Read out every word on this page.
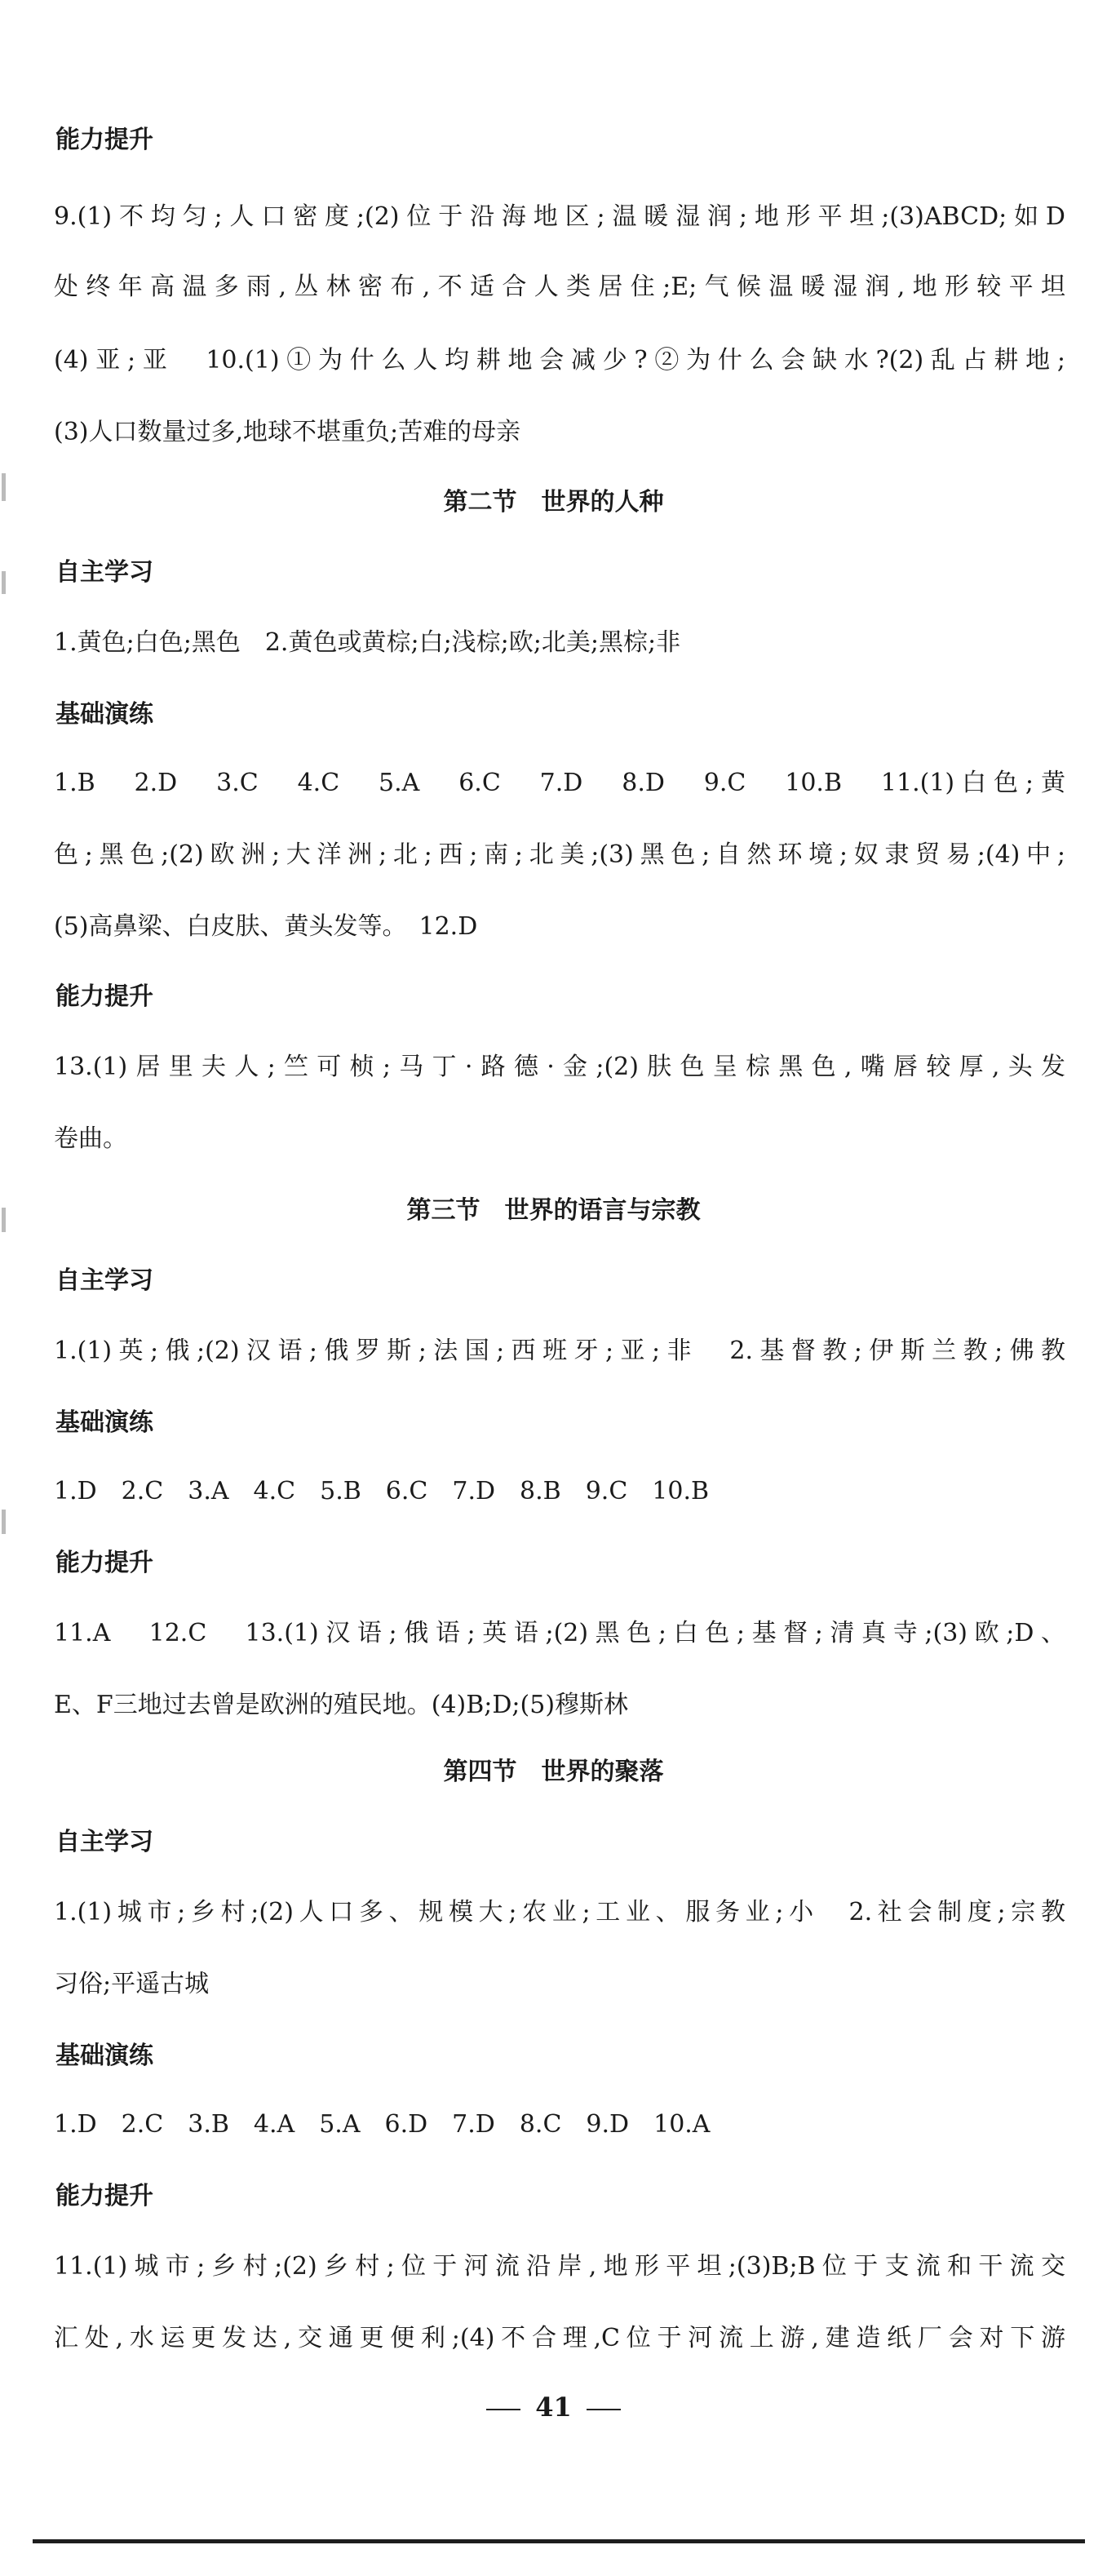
能力提升
9.(1)不均匀;人口密度;(2)位于沿海地区;温暖湿润;地形平坦;(3)ABCD;如D
处终年高温多雨,丛林密布,不适合人类居住;E;气候温暖湿润,地形较平坦
(4)亚;亚　10.(1)①为什么人均耕地会减少?②为什么会缺水?(2)乱占耕地;
(3)人口数量过多,地球不堪重负;苦难的母亲
第二节　世界的人种
自主学习
1.黄色;白色;黑色　2.黄色或黄棕;白;浅棕;欧;北美;黑棕;非
基础演练
1.B　2.D　3.C　4.C　5.A　6.C　7.D　8.D　9.C　10.B　11.(1)白色;黄
色;黑色;(2)欧洲;大洋洲;北;西;南;北美;(3)黑色;自然环境;奴隶贸易;(4)中;
(5)高鼻梁、白皮肤、黄头发等。　12.D
能力提升
13.(1)居里夫人;竺可桢;马丁·路德·金;(2)肤色呈棕黑色,嘴唇较厚,头发
卷曲。
第三节　世界的语言与宗教
自主学习
1.(1)英;俄;(2)汉语;俄罗斯;法国;西班牙;亚;非　2.基督教;伊斯兰教;佛教
基础演练
1.D　2.C　3.A　4.C　5.B　6.C　7.D　8.B　9.C　10.B
能力提升
11.A　12.C　13.(1)汉语;俄语;英语;(2)黑色;白色;基督;清真寺;(3)欧;D、
E、F三地过去曾是欧洲的殖民地。(4)B;D;(5)穆斯林
第四节　世界的聚落
自主学习
1.(1)城市;乡村;(2)人口多、规模大;农业;工业、服务业;小　2.社会制度;宗教
习俗;平遥古城
基础演练
1.D　2.C　3.B　4.A　5.A　6.D　7.D　8.C　9.D　10.A
能力提升
11.(1)城市;乡村;(2)乡村;位于河流沿岸,地形平坦;(3)B;B位于支流和干流交
汇处,水运更发达,交通更便利;(4)不合理,C位于河流上游,建造纸厂会对下游
41
